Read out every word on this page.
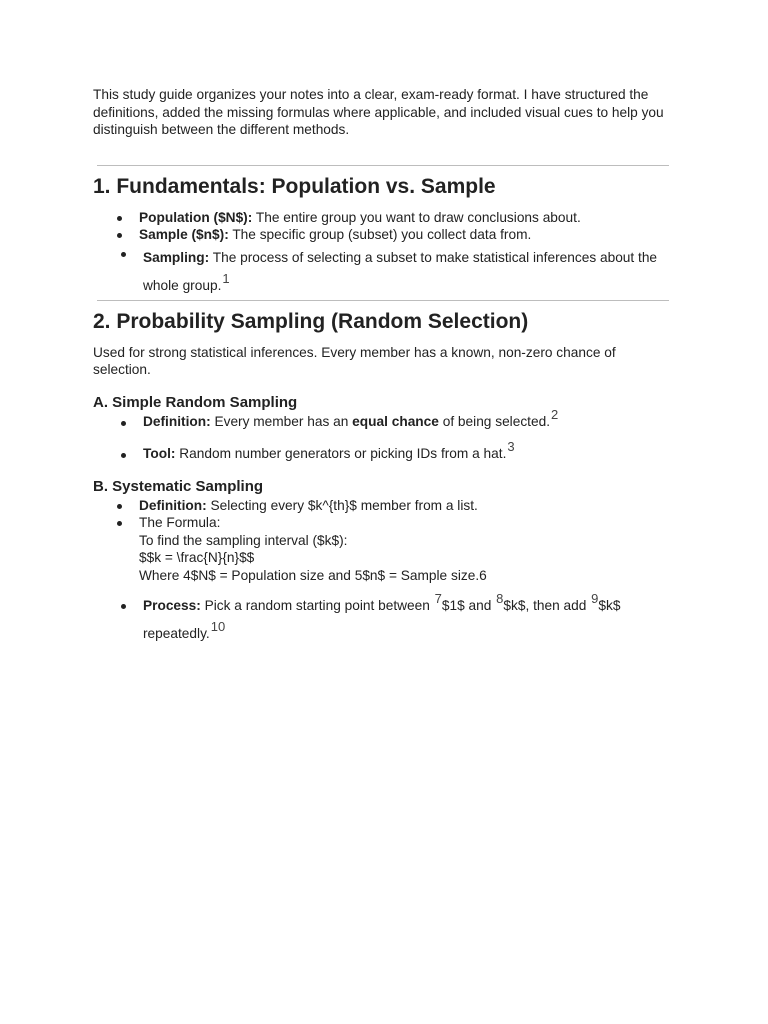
This study guide organizes your notes into a clear, exam-ready format. I have structured the definitions, added the missing formulas where applicable, and included visual cues to help you distinguish between the different methods.

1. Fundamentals: Population vs. Sample
Population ($N$): The entire group you want to draw conclusions about.
Sample ($n$): The specific group (subset) you collect data from.
Sampling: The process of selecting a subset to make statistical inferences about the whole group.$^1$
2. Probability Sampling (Random Selection)

Used for strong statistical inferences. Every member has a known, non-zero chance of selection.

A. Simple Random Sampling
Definition: Every member has an equal chance of being selected.$^2$
Tool: Random number generators or picking IDs from a hat.$^3$
B. Systematic Sampling
Definition: Selecting every $k^{th}$ member from a list.
The Formula:
To find the sampling interval ($k$):
$$k = \frac{N}{n}$$
Where 4$N$ = Population size and 5$n$ = Sample size.6
Process: Pick a random starting point between $^7$\$1$ and $^8$\$k$, then add $^9$\$k$ repeatedly.$^{10}$
